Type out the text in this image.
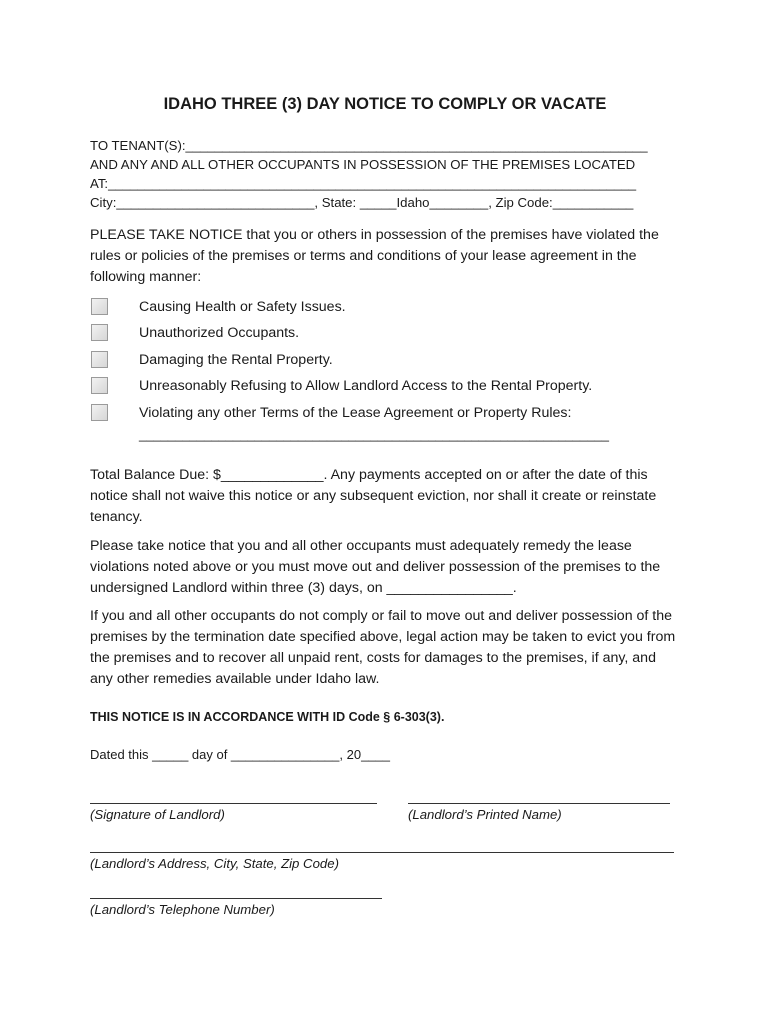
IDAHO THREE (3) DAY NOTICE TO COMPLY OR VACATE
TO TENANT(S):_______________________________________________________________
AND ANY AND ALL OTHER OCCUPANTS IN POSSESSION OF THE PREMISES LOCATED
AT:________________________________________________________________________
City:___________________________, State: _____Idaho________, Zip Code:___________
PLEASE TAKE NOTICE that you or others in possession of the premises have violated the rules or policies of the premises or terms and conditions of your lease agreement in the following manner:
Causing Health or Safety Issues.
Unauthorized Occupants.
Damaging the Rental Property.
Unreasonably Refusing to Allow Landlord Access to the Rental Property.
Violating any other Terms of the Lease Agreement or Property Rules:
_________________________________________________________________
Total Balance Due: $_____________. Any payments accepted on or after the date of this notice shall not waive this notice or any subsequent eviction, nor shall it create or reinstate tenancy.
Please take notice that you and all other occupants must adequately remedy the lease violations noted above or you must move out and deliver possession of the premises to the undersigned Landlord within three (3) days, on ________________.
If you and all other occupants do not comply or fail to move out and deliver possession of the premises by the termination date specified above, legal action may be taken to evict you from the premises and to recover all unpaid rent, costs for damages to the premises, if any, and any other remedies available under Idaho law.
THIS NOTICE IS IN ACCORDANCE WITH ID Code § 6-303(3).
Dated this _____ day of _______________, 20____
(Signature of Landlord)	(Landlord’s Printed Name)
(Landlord’s Address, City, State, Zip Code)
(Landlord’s Telephone Number)
